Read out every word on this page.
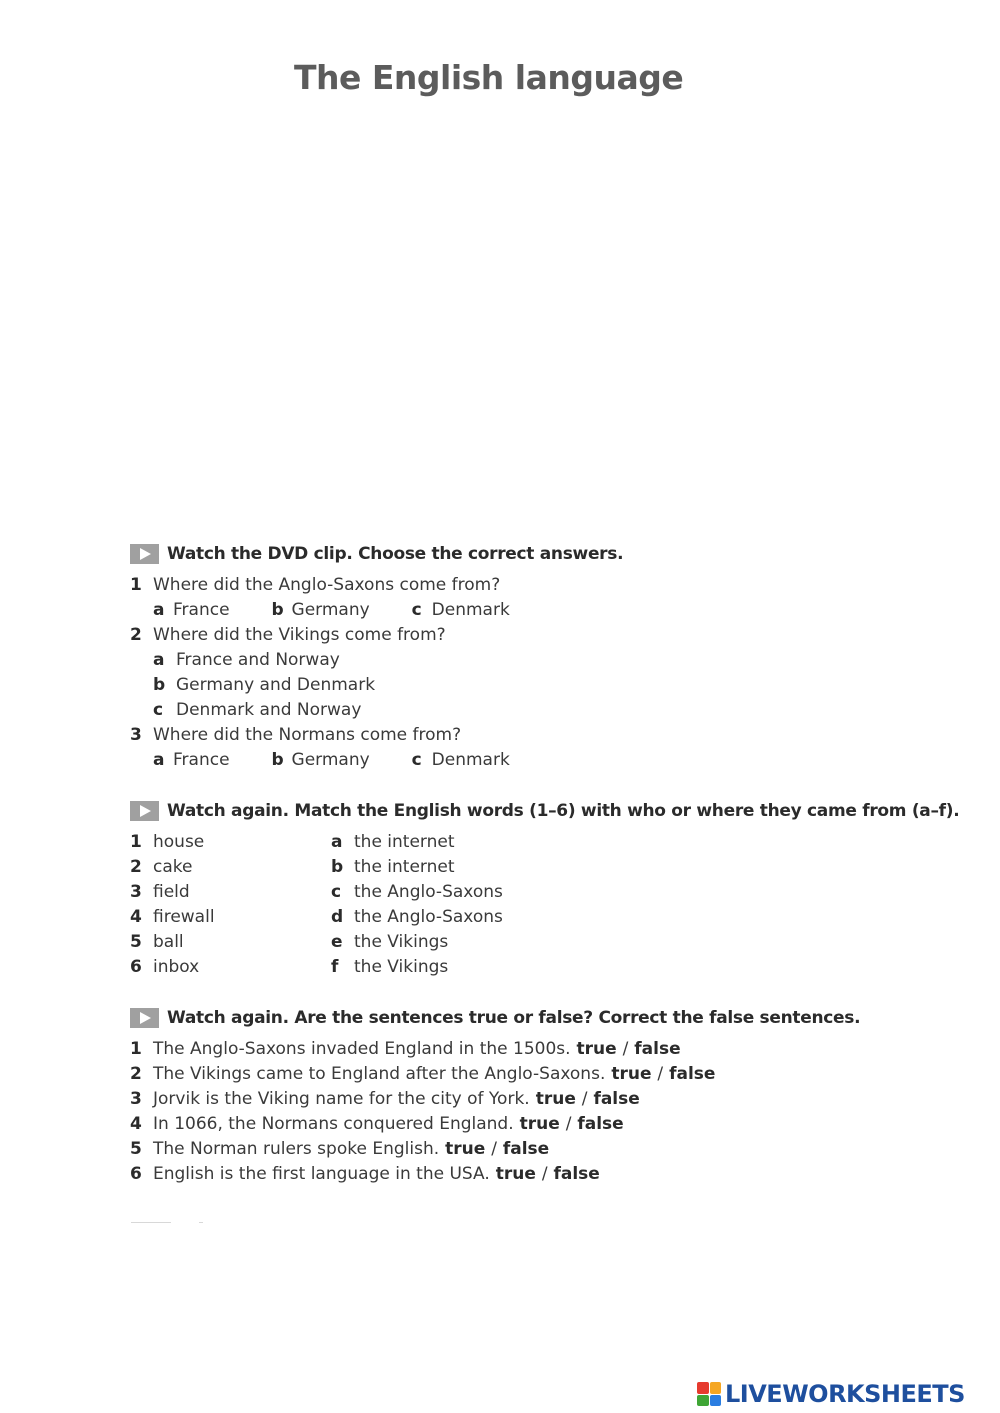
The English language
Watch the DVD clip. Choose the correct answers.
1 Where did the Anglo-Saxons come from?
a France b Germany c Denmark
2 Where did the Vikings come from?
a France and Norway
b Germany and Denmark
c Denmark and Norway
3 Where did the Normans come from?
a France b Germany c Denmark
Watch again. Match the English words (1–6) with who or where they came from (a–f).
1 house	a the internet
2 cake	b the internet
3 field	c the Anglo-Saxons
4 firewall	d the Anglo-Saxons
5 ball	e the Vikings
6 inbox	f the Vikings
Watch again. Are the sentences true or false? Correct the false sentences.
1 The Anglo-Saxons invaded England in the 1500s. true / false
2 The Vikings came to England after the Anglo-Saxons. true / false
3 Jorvik is the Viking name for the city of York. true / false
4 In 1066, the Normans conquered England. true / false
5 The Norman rulers spoke English. true / false
6 English is the first language in the USA. true / false
LIVEWORKSHEETS
